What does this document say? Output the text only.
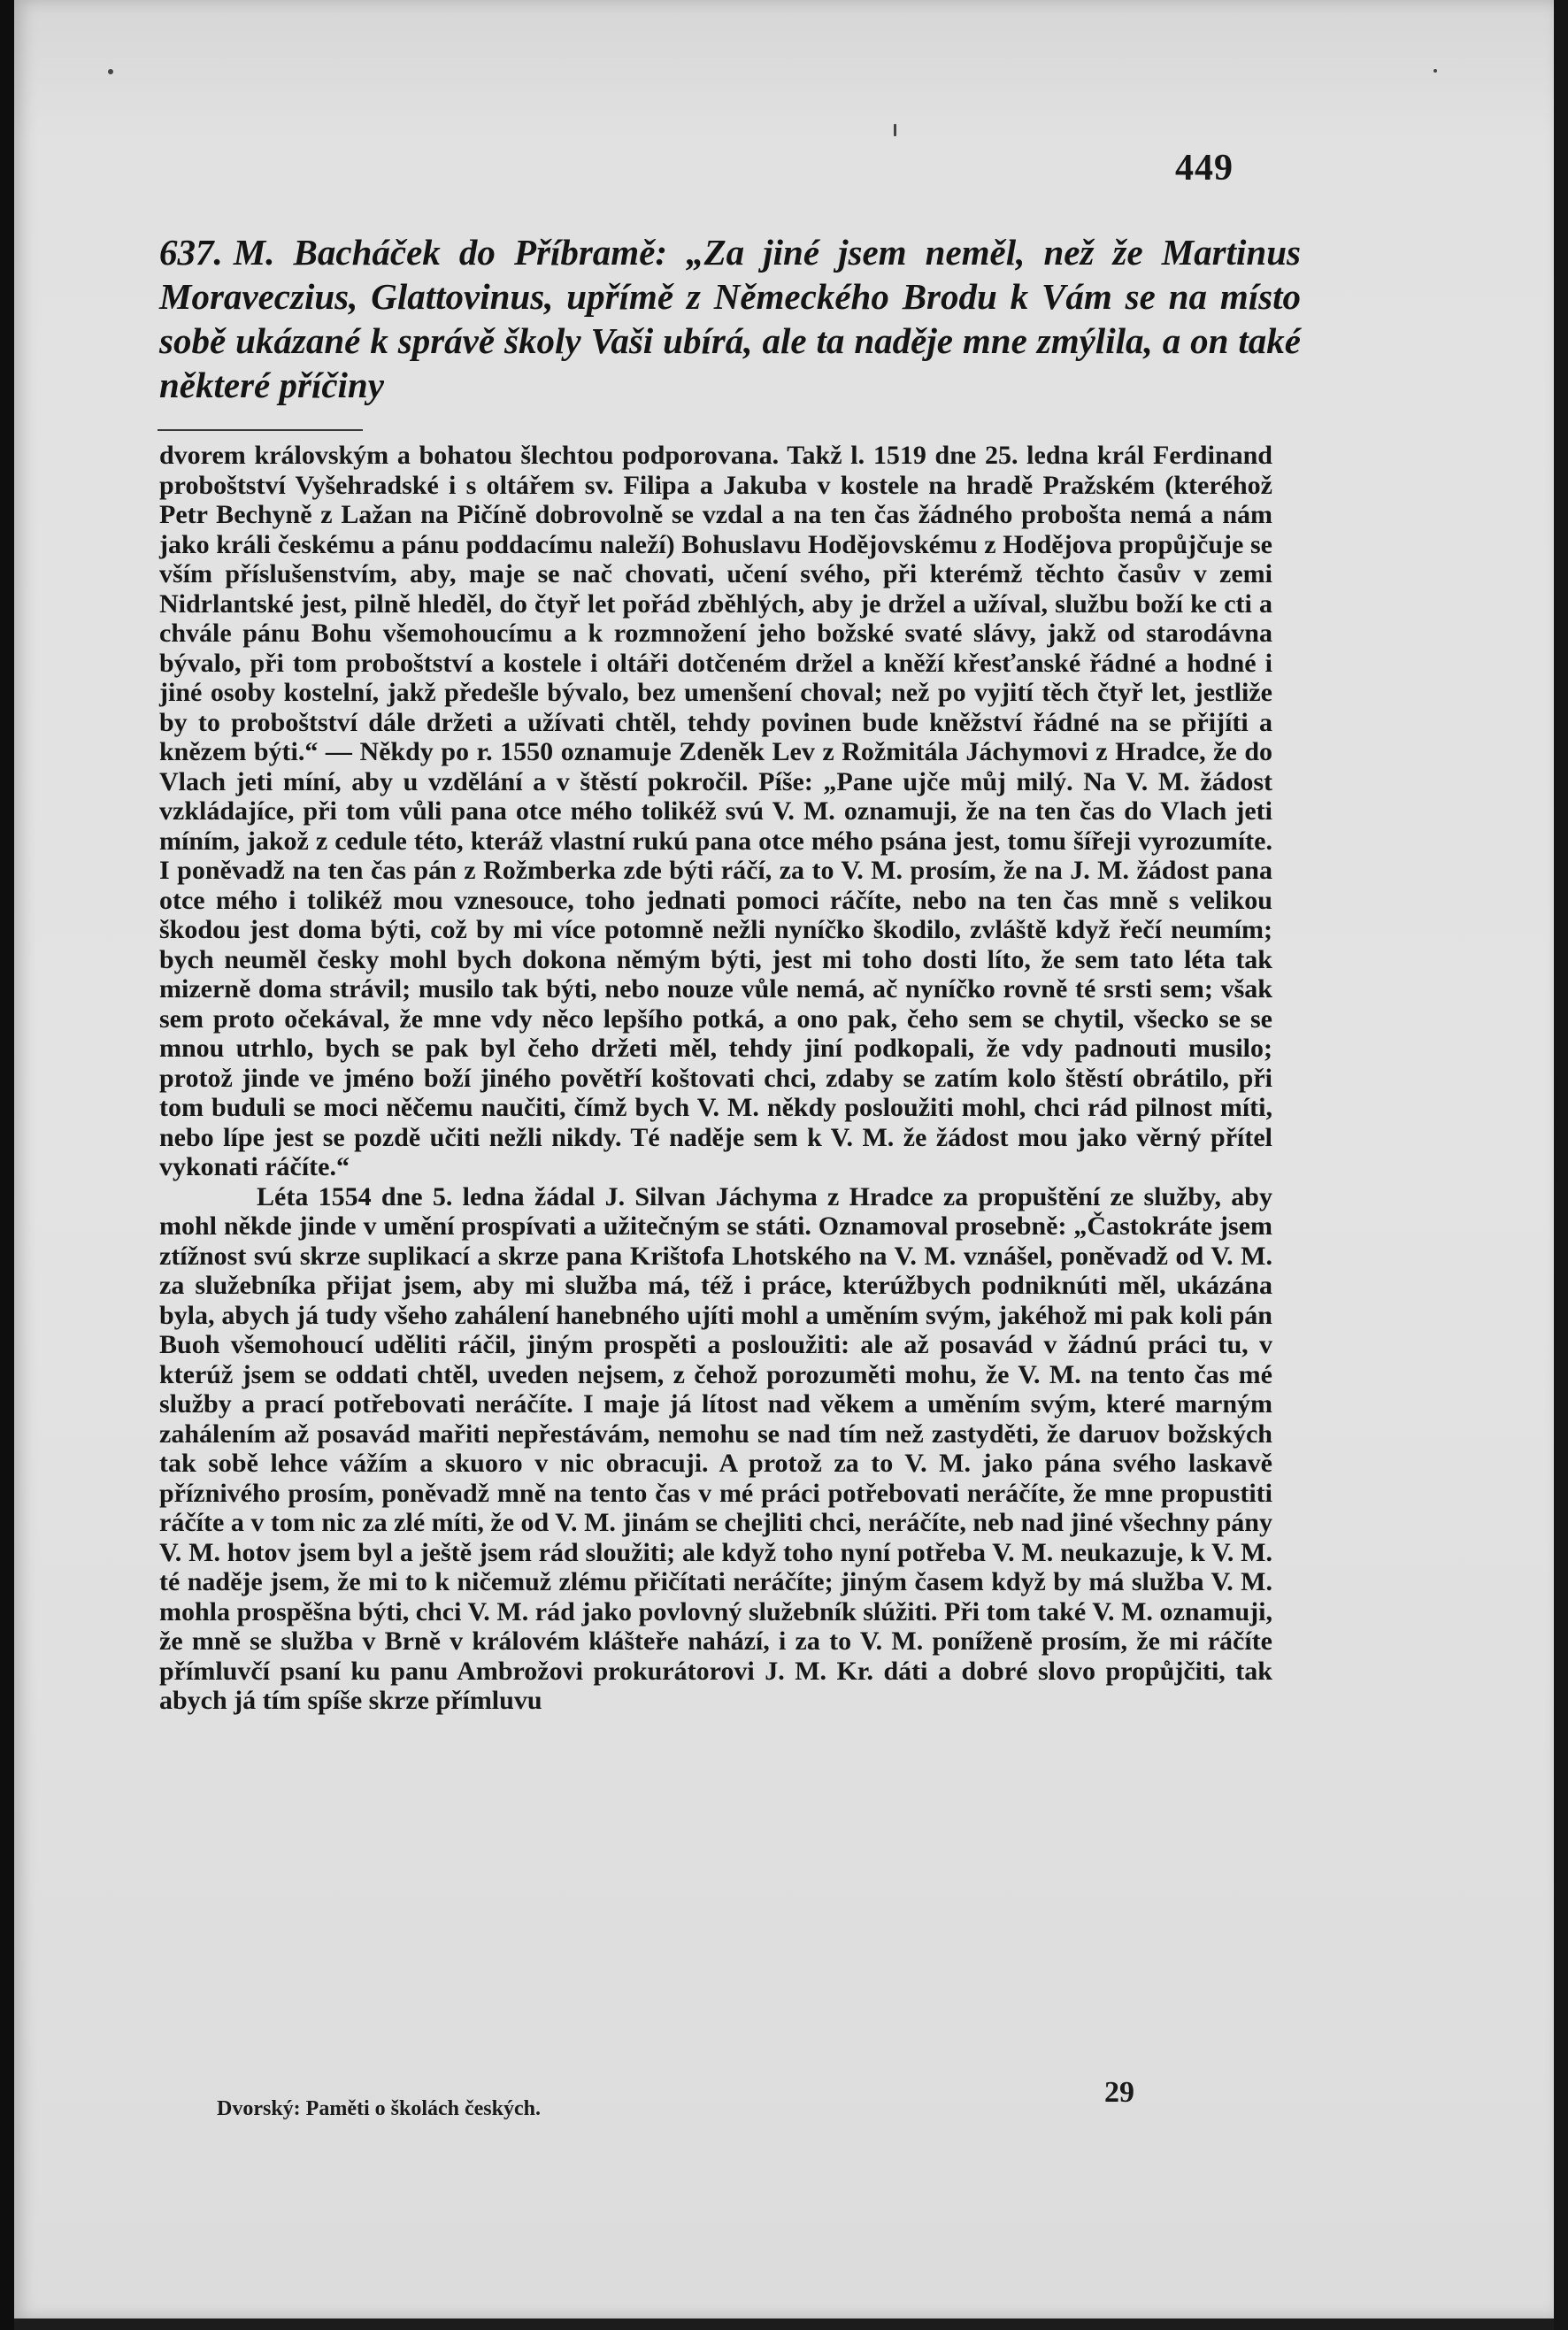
449
637. M. Bacháček do Příbramě: „Za jiné jsem neměl, než že Martinus Moraveczius, Glattovinus, upřímě z Německého Brodu k Vám se na místo sobě ukázané k správě školy Vaši ubírá, ale ta naděje mne zmýlila, a on také některé příčiny

dvorem královským a bohatou šlechtou podporovana. Takž l. 1519 dne 25. ledna král Ferdinand proboštství Vyšehradské i s oltářem sv. Filipa a Jakuba v kostele na hradě Pražském (kteréhož Petr Bechyně z Lažan na Pičíně dobrovolně se vzdal a na ten čas žádného probošta nemá a nám jako králi českému a pánu poddacímu naleží) Bohuslavu Hodějovskému z Hodějova propůjčuje se vším příslušenstvím, aby, maje se nač chovati, učení svého, při kterémž těchto časův v zemi Nidrlantské jest, pilně hleděl, do čtyř let pořád zběhlých, aby je držel a užíval, službu boží ke cti a chvále pánu Bohu všemohoucímu a k rozmnožení jeho božské svaté slávy, jakž od starodávna bývalo, při tom proboštství a kostele i oltáři dotčeném držel a kněží křesťanské řádné a hodné i jiné osoby kostelní, jakž předešle bývalo, bez umenšení choval; než po vyjití těch čtyř let, jestliže by to proboštství dále držeti a užívati chtěl, tehdy povinen bude kněžství řádné na se přijíti a knězem býti.“ — Někdy po r. 1550 oznamuje Zdeněk Lev z Rožmitála Jáchymovi z Hradce, že do Vlach jeti míní, aby u vzdělání a v štěstí pokročil. Píše: „Pane ujče můj milý. Na V. M. žádost vzkládajíce, při tom vůli pana otce mého tolikéž svú V. M. oznamuji, že na ten čas do Vlach jeti míním, jakož z cedule této, kteráž vlastní rukú pana otce mého psána jest, tomu šířeji vyrozumíte. I poněvadž na ten čas pán z Rožmberka zde býti ráčí, za to V. M. prosím, že na J. M. žádost pana otce mého i tolikéž mou vznesouce, toho jednati pomoci ráčíte, nebo na ten čas mně s velikou škodou jest doma býti, což by mi více potomně nežli nyníčko škodilo, zvláště když řečí neumím; bych neuměl česky mohl bych dokona němým býti, jest mi toho dosti líto, že sem tato léta tak mizerně doma strávil; musilo tak býti, nebo nouze vůle nemá, ač nyníčko rovně té srsti sem; však sem proto očekával, že mne vdy něco lepšího potká, a ono pak, čeho sem se chytil, všecko se se mnou utrhlo, bych se pak byl čeho držeti měl, tehdy jiní podkopali, že vdy padnouti musilo; protož jinde ve jméno boží jiného povětří koštovati chci, zdaby se zatím kolo štěstí obrátilo, při tom buduli se moci něčemu naučiti, čímž bych V. M. někdy posloužiti mohl, chci rád pilnost míti, nebo lípe jest se pozdě učiti nežli nikdy. Té naděje sem k V. M. že žádost mou jako věrný přítel vykonati ráčíte.“

Léta 1554 dne 5. ledna žádal J. Silvan Jáchyma z Hradce za propuštění ze služby, aby mohl někde jinde v umění prospívati a užitečným se státi. Oznamoval prosebně: „Častokráte jsem ztížnost svú skrze suplikací a skrze pana Krištofa Lhotského na V. M. vznášel, poněvadž od V. M. za služebníka přijat jsem, aby mi služba má, též i práce, kterúžbych podniknúti měl, ukázána byla, abych já tudy všeho zahálení hanebného ujíti mohl a uměním svým, jakéhož mi pak koli pán Buoh všemohoucí uděliti ráčil, jiným prospěti a posloužiti: ale až posavád v žádnú práci tu, v kterúž jsem se oddati chtěl, uveden nejsem, z čehož porozuměti mohu, že V. M. na tento čas mé služby a prací potřebovati neráčíte. I maje já lítost nad věkem a uměním svým, které marným zahálením až posavád mařiti nepřestávám, nemohu se nad tím než zastyděti, že daruov božských tak sobě lehce vážím a skuoro v nic obracuji. A protož za to V. M. jako pána svého laskavě příznivého prosím, poněvadž mně na tento čas v mé práci potřebovati neráčíte, že mne propustiti ráčíte a v tom nic za zlé míti, že od V. M. jinám se chejliti chci, neráčíte, neb nad jiné všechny pány V. M. hotov jsem byl a ještě jsem rád sloužiti; ale když toho nyní potřeba V. M. neukazuje, k V. M. té naděje jsem, že mi to k ničemuž zlému přičítati neráčíte; jiným časem když by má služba V. M. mohla prospěšna býti, chci V. M. rád jako povlovný služebník slúžiti. Při tom také V. M. oznamuji, že mně se služba v Brně v královém klášteře nahází, i za to V. M. poníženě prosím, že mi ráčíte přímluvčí psaní ku panu Ambrožovi prokurátorovi J. M. Kr. dáti a dobré slovo propůjčiti, tak abych já tím spíše skrze přímluvu

Dvorský: Paměti o školách českých.	29
